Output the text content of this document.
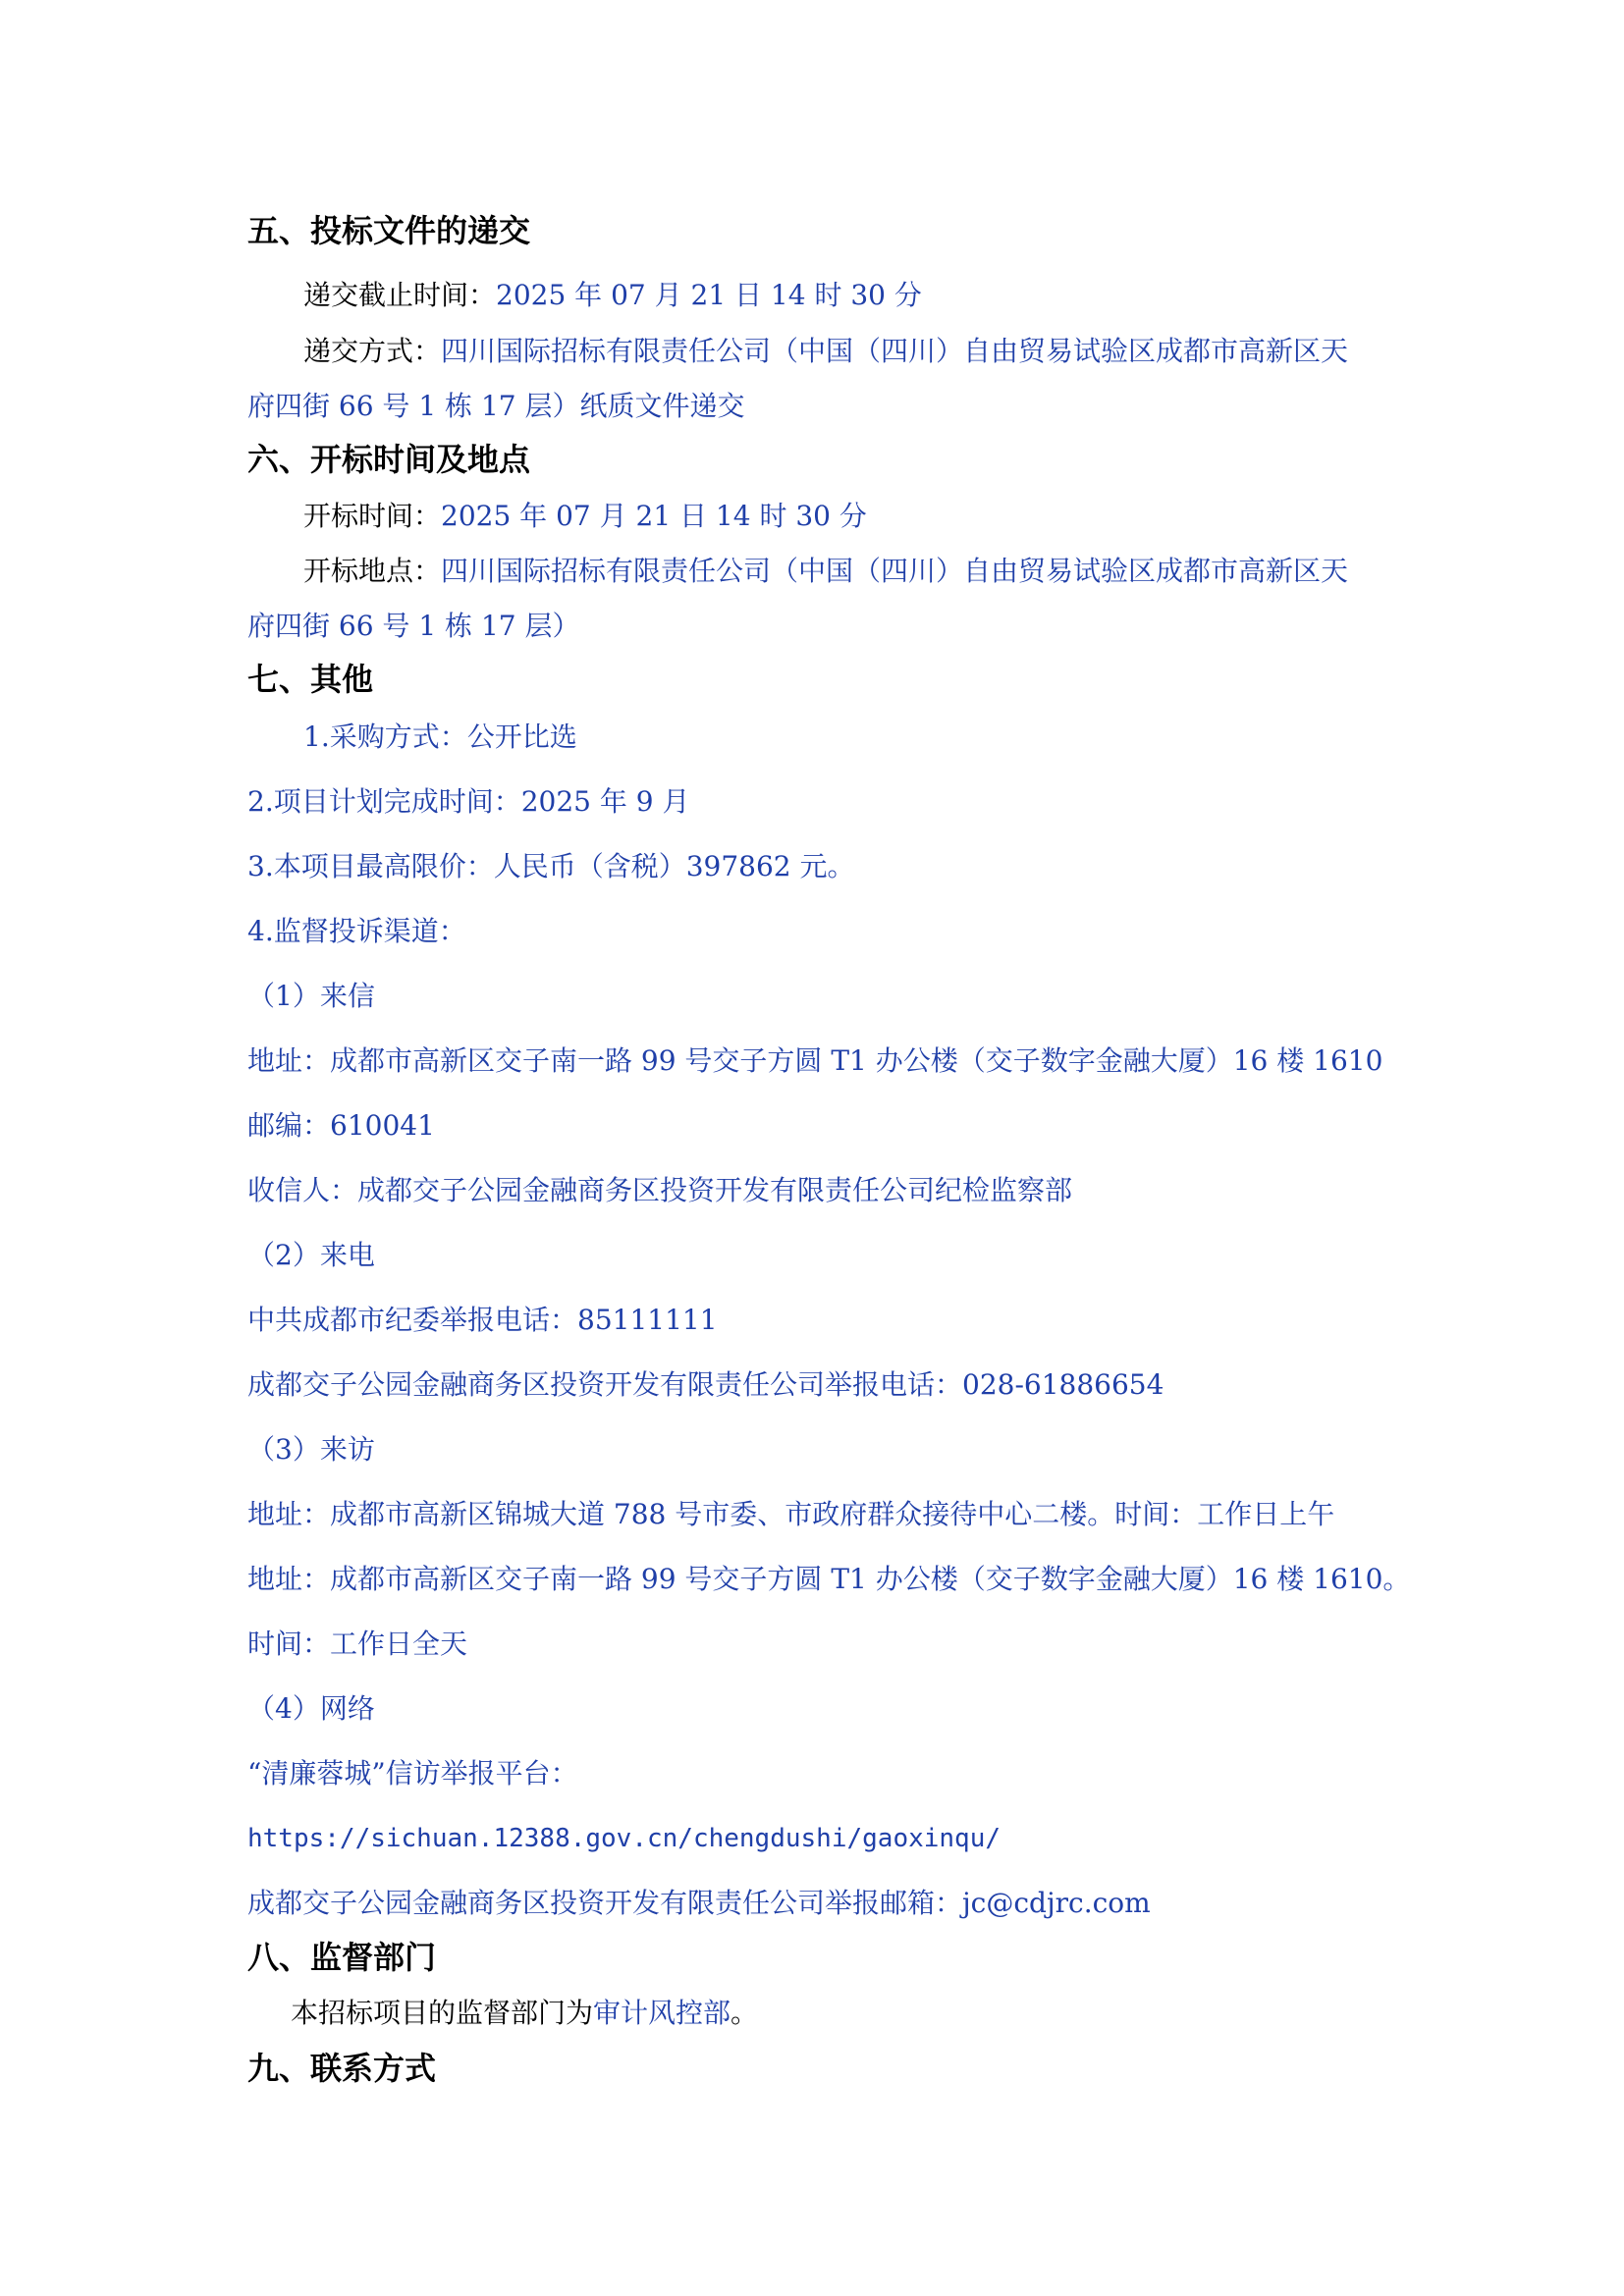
五、投标文件的递交
递交截止时间：2025 年 07 月 21 日 14 时 30 分
递交方式：四川国际招标有限责任公司（中国（四川）自由贸易试验区成都市高新区天
府四街 66 号 1 栋 17 层）纸质文件递交
六、开标时间及地点
开标时间：2025 年 07 月 21 日 14 时 30 分
开标地点：四川国际招标有限责任公司（中国（四川）自由贸易试验区成都市高新区天
府四街 66 号 1 栋 17 层）
七、其他
1.采购方式：公开比选
2.项目计划完成时间：2025 年 9 月
3.本项目最高限价：人民币（含税）397862 元。
4.监督投诉渠道：
（1）来信
地址：成都市高新区交子南一路 99 号交子方圆 T1 办公楼（交子数字金融大厦）16 楼 1610
邮编：610041
收信人：成都交子公园金融商务区投资开发有限责任公司纪检监察部
（2）来电
中共成都市纪委举报电话：85111111
成都交子公园金融商务区投资开发有限责任公司举报电话：028-61886654
（3）来访
地址：成都市高新区锦城大道 788 号市委、市政府群众接待中心二楼。时间：工作日上午
地址：成都市高新区交子南一路 99 号交子方圆 T1 办公楼（交子数字金融大厦）16 楼 1610。
时间：工作日全天
（4）网络
“清廉蓉城”信访举报平台：
https://sichuan.12388.gov.cn/chengdushi/gaoxinqu/
成都交子公园金融商务区投资开发有限责任公司举报邮箱：jc@cdjrc.com
八、监督部门
本招标项目的监督部门为审计风控部。
九、联系方式
